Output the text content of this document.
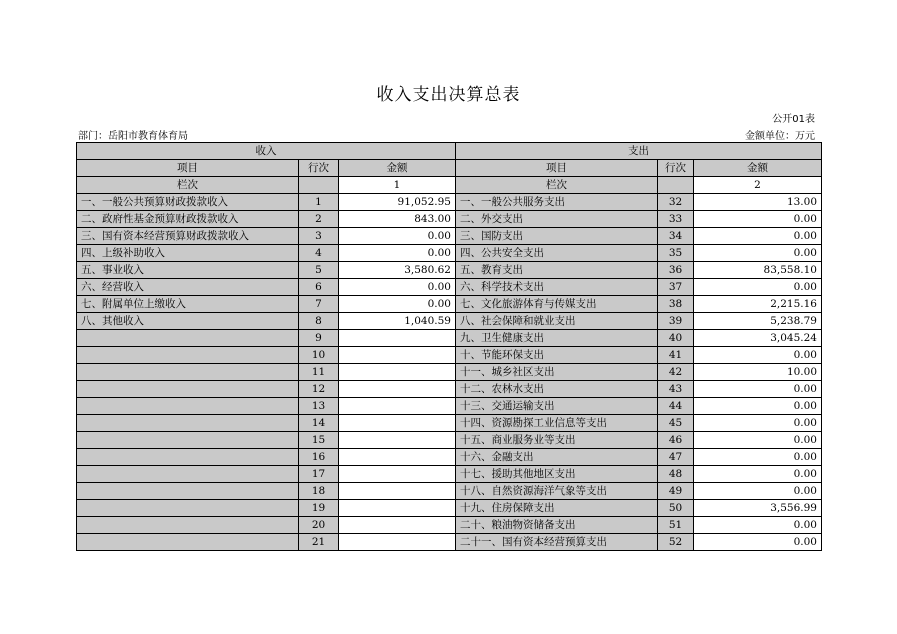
收入支出决算总表
公开01表
部门：岳阳市教育体育局	金额单位：万元
收入			支出		
项目	行次	金额	项目	行次	金额
栏次		1	栏次		2
一、一般公共预算财政拨款收入	1	91,052.95	一、一般公共服务支出	32	13.00
二、政府性基金预算财政拨款收入	2	843.00	二、外交支出	33	0.00
三、国有资本经营预算财政拨款收入	3	0.00	三、国防支出	34	0.00
四、上级补助收入	4	0.00	四、公共安全支出	35	0.00
五、事业收入	5	3,580.62	五、教育支出	36	83,558.10
六、经营收入	6	0.00	六、科学技术支出	37	0.00
七、附属单位上缴收入	7	0.00	七、文化旅游体育与传媒支出	38	2,215.16
八、其他收入	8	1,040.59	八、社会保障和就业支出	39	5,238.79
	9		九、卫生健康支出	40	3,045.24
	10		十、节能环保支出	41	0.00
	11		十一、城乡社区支出	42	10.00
	12		十二、农林水支出	43	0.00
	13		十三、交通运输支出	44	0.00
	14		十四、资源勘探工业信息等支出	45	0.00
	15		十五、商业服务业等支出	46	0.00
	16		十六、金融支出	47	0.00
	17		十七、援助其他地区支出	48	0.00
	18		十八、自然资源海洋气象等支出	49	0.00
	19		十九、住房保障支出	50	3,556.99
	20		二十、粮油物资储备支出	51	0.00
	21		二十一、国有资本经营预算支出	52	0.00
